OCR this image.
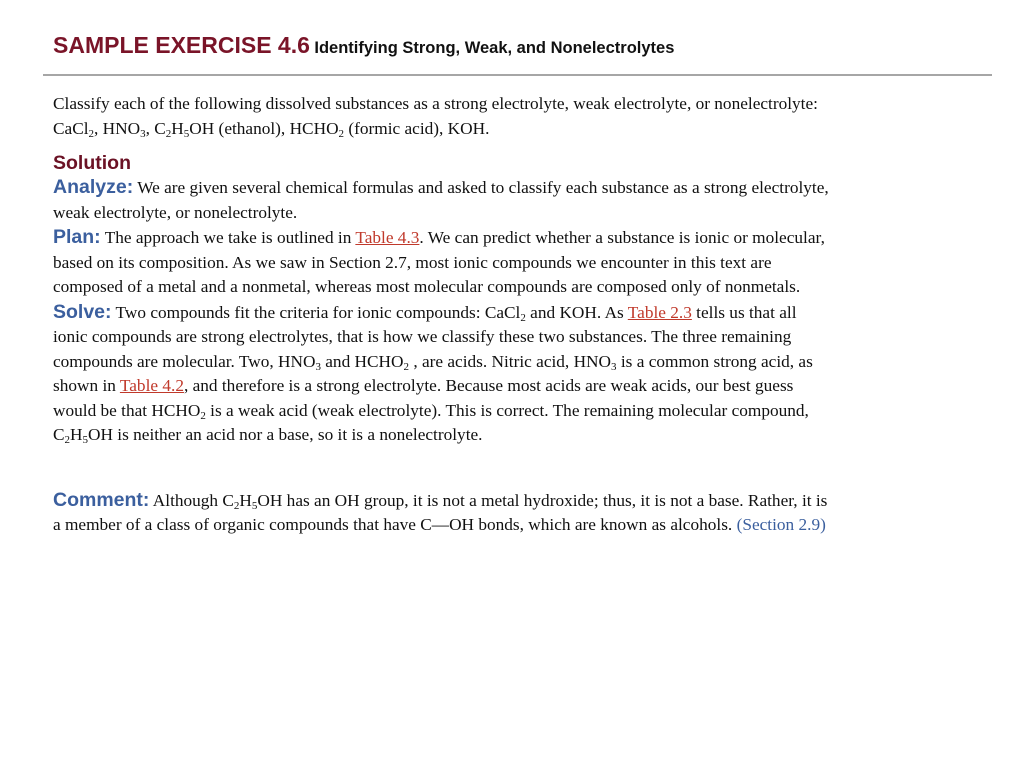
SAMPLE EXERCISE 4.6 Identifying Strong, Weak, and Nonelectrolytes
Classify each of the following dissolved substances as a strong electrolyte, weak electrolyte, or nonelectrolyte:
CaCl$_2$, $HNO_3$, $C_2H_5OH$ (ethanol), $HCHO_2$ (formic acid), KOH.
Solution
Analyze: We are given several chemical formulas and asked to classify each substance as a strong electrolyte,
weak electrolyte, or nonelectrolyte.
Plan: The approach we take is outlined in Table 4.3. We can predict whether a substance is ionic or molecular,
based on its composition. As we saw in Section 2.7, most ionic compounds we encounter in this text are
composed of a metal and a nonmetal, whereas most molecular compounds are composed only of nonmetals.
Solve: Two compounds fit the criteria for ionic compounds: CaCl$_2$ and KOH. As Table 2.3 tells us that all
ionic compounds are strong electrolytes, that is how we classify these two substances. The three remaining
compounds are molecular. Two, $HNO_3$ and $HCHO_2$ , are acids. Nitric acid, $HNO_3$ is a common strong acid, as
shown in Table 4.2, and therefore is a strong electrolyte. Because most acids are weak acids, our best guess
would be that $HCHO_2$ is a weak acid (weak electrolyte). This is correct. The remaining molecular compound,
$C_2H_5OH$ is neither an acid nor a base, so it is a nonelectrolyte.
Comment: Although $C_2H_5OH$ has an OH group, it is not a metal hydroxide; thus, it is not a base. Rather, it is
a member of a class of organic compounds that have C—OH bonds, which are known as alcohols. (Section 2.9)
